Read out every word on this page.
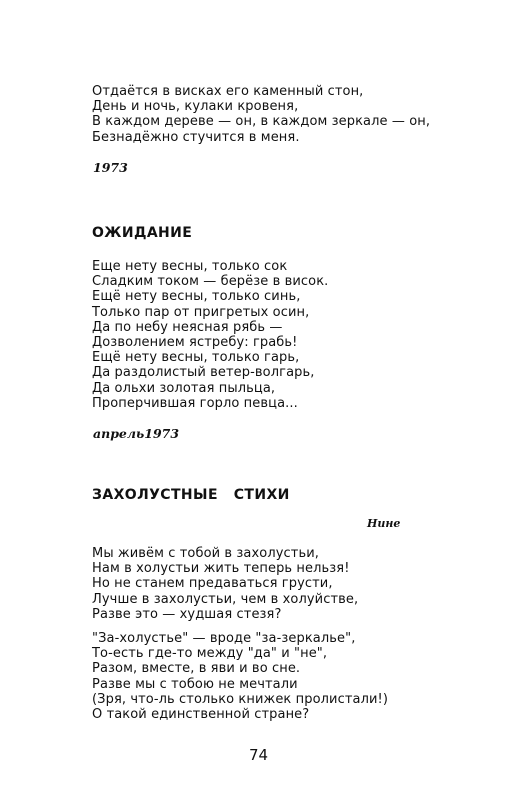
Отдаётся в висках его каменный стон,
День и ночь, кулаки кровеня,
В каждом дереве — он, в каждом зеркале — он,
Безнадёжно стучится в меня.
1973
ОЖИДАНИЕ
Еще нету весны, только сок
Сладким током — берёзе в висок.
Ещё нету весны, только синь,
Только пар от пригретых осин,
Да по небу неясная рябь —
Дозволением ястребу: грабь!
Ещё нету весны, только гарь,
Да раздолистый ветер-волгарь,
Да ольхи золотая пыльца,
Проперчившая горло певца...
апрель1973
ЗАХОЛУСТНЫЕ   СТИХИ
Нине
Мы живём с тобой в захолустьи,
Нам в холустьи жить теперь нельзя!
Но не станем предаваться грусти,
Лучше в захолустьи, чем в холуйстве,
Разве это — худшая стезя?
"За-холустье" — вроде "за-зеркалье",
То-есть где-то между "да" и "не",
Разом, вместе, в яви и во сне.
Разве мы с тобою не мечтали
(Зря, что-ль столько книжек пролистали!)
О такой единственной стране?
74
